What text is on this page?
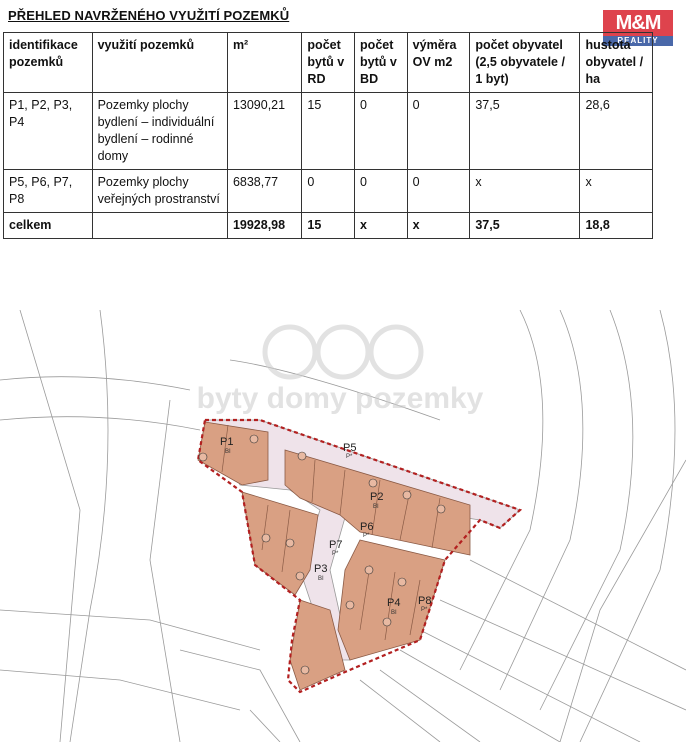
PŘEHLED NAVRŽENÉHO VYUŽITÍ POZEMKŮ	M&M
REALITY
identifikace pozemků	využití pozemků	m²	počet bytů v RD	počet bytů v BD	výměra OV m2	počet obyvatel (2,5 obyvatele / 1 byt)	hustota obyvatel / ha
P1, P2, P3, P4	Pozemky plochy bydlení – individuální bydlení – rodinné domy	13090,21	15	0	0	37,5	28,6
P5, P6, P7, P8	Pozemky plochy veřejných prostranství	6838,77	0	0	0	x	x
celkem		19928,98	15	x	x	37,5	18,8
byty domy pozemky
P1
BI
P2
BI
P3
BI
P4
BI
P5
P*
P6
P*
P7
P*
P8
P*
